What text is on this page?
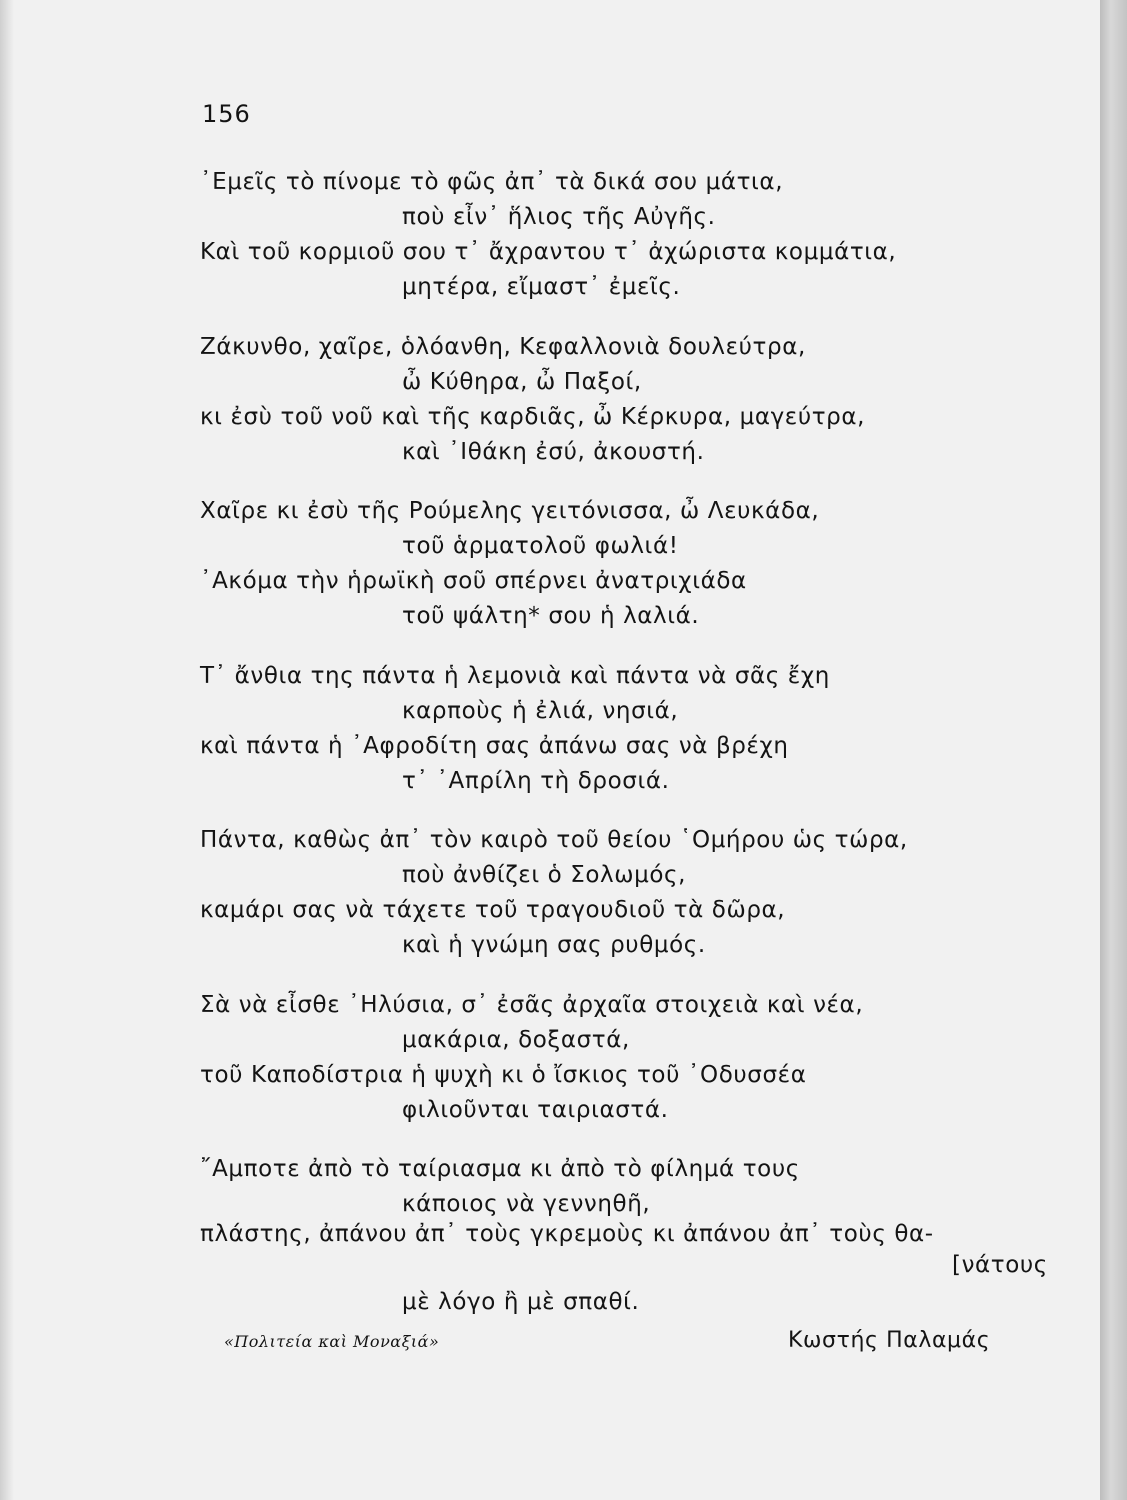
156
᾿Εμεῖς τὸ πίνομε τὸ φῶς ἀπ᾿ τὰ δικά σου μάτια,
ποὺ εἶν᾿ ἥλιος τῆς Αὐγῆς.
Καὶ τοῦ κορμιοῦ σου τ᾿ ἄχραντου τ᾿ ἀχώριστα κομμάτια,
μητέρα, εἴμαστ᾿ ἐμεῖς.
Ζάκυνθο, χαῖρε, ὁλόανθη, Κεφαλλονιὰ δουλεύτρα,
ὦ Κύθηρα, ὦ Παξοί,
κι ἐσὺ τοῦ νοῦ καὶ τῆς καρδιᾶς, ὦ Κέρκυρα, μαγεύτρα,
καὶ ᾿Ιθάκη ἐσύ, ἀκουστή.
Χαῖρε κι ἐσὺ τῆς Ρούμελης γειτόνισσα, ὦ Λευκάδα,
τοῦ ἁρματολοῦ φωλιά!
᾿Ακόμα τὴν ἡρωϊκὴ σοῦ σπέρνει ἀνατριχιάδα
τοῦ ψάλτη* σου ἡ λαλιά.
Τ᾿ ἄνθια της πάντα ἡ λεμονιὰ καὶ πάντα νὰ σᾶς ἔχη
καρποὺς ἡ ἐλιά, νησιά,
καὶ πάντα ἡ ᾿Αφροδίτη σας ἀπάνω σας νὰ βρέχη
τ᾿ ᾿Απρίλη τὴ δροσιά.
Πάντα, καθὼς ἀπ᾿ τὸν καιρὸ τοῦ θείου ῾Ομήρου ὡς τώρα,
ποὺ ἀνθίζει ὁ Σολωμός,
καμάρι σας νὰ τάχετε τοῦ τραγουδιοῦ τὰ δῶρα,
καὶ ἡ γνώμη σας ρυθμός.
Σὰ νὰ εἶσθε ᾿Ηλύσια, σ᾿ ἐσᾶς ἀρχαῖα στοιχειὰ καὶ νέα,
μακάρια, δοξαστά,
τοῦ Καποδίστρια ἡ ψυχὴ κι ὁ ἴσκιος τοῦ ᾿Οδυσσέα
φιλιοῦνται ταιριαστά.
῎Αμποτε ἀπὸ τὸ ταίριασμα κι ἀπὸ τὸ φίλημά τους
κάποιος νὰ γεννηθῆ,
πλάστης, ἀπάνου ἀπ᾿ τοὺς γκρεμοὺς κι ἀπάνου ἀπ᾿ τοὺς θα-
[νάτους
μὲ λόγο ἢ μὲ σπαθί.
«Πολιτεία καὶ Μοναξιά»	Κωστής Παλαμάς
